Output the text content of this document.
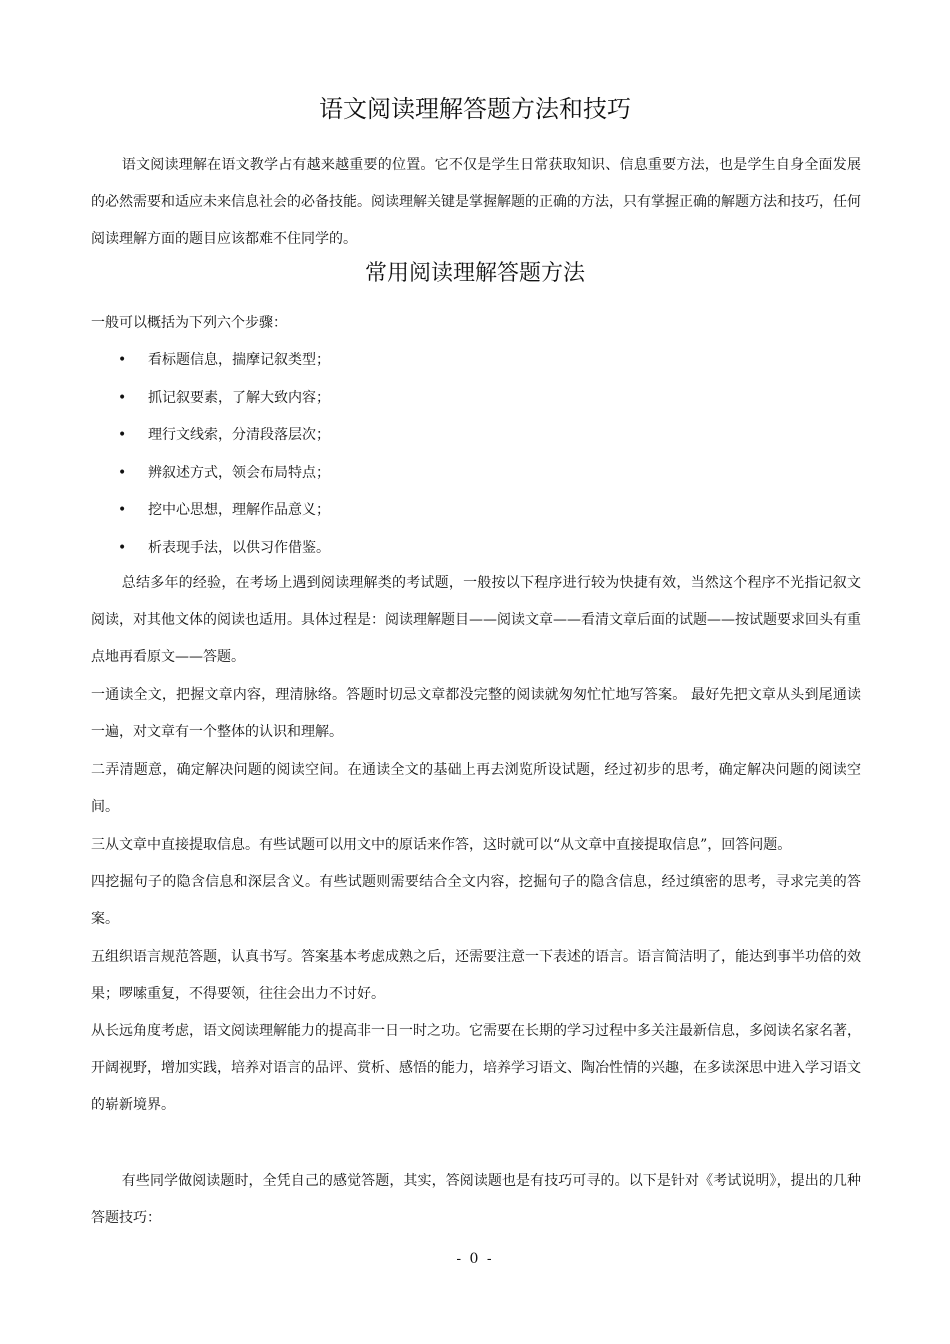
语文阅读理解答题方法和技巧

语文阅读理解在语文教学占有越来越重要的位置。它不仅是学生日常获取知识、信息重要方法，也是学生自身全面发展的必然需要和适应未来信息社会的必备技能。阅读理解关键是掌握解题的正确的方法，只有掌握正确的解题方法和技巧，任何阅读理解方面的题目应该都难不住同学的。

常用阅读理解答题方法

一般可以概括为下列六个步骤：

• 看标题信息，揣摩记叙类型；
• 抓记叙要素，了解大致内容；
• 理行文线索，分清段落层次；
• 辨叙述方式，领会布局特点；
• 挖中心思想，理解作品意义；
• 析表现手法，以供习作借鉴。

总结多年的经验，在考场上遇到阅读理解类的考试题，一般按以下程序进行较为快捷有效，当然这个程序不光指记叙文阅读，对其他文体的阅读也适用。具体过程是：阅读理解题目——阅读文章——看清文章后面的试题——按试题要求回头有重点地再看原文——答题。

一通读全文，把握文章内容，理清脉络。答题时切忌文章都没完整的阅读就匆匆忙忙地写答案。 最好先把文章从头到尾通读一遍，对文章有一个整体的认识和理解。

二弄清题意，确定解决问题的阅读空间。在通读全文的基础上再去浏览所设试题，经过初步的思考，确定解决问题的阅读空间。

三从文章中直接提取信息。有些试题可以用文中的原话来作答，这时就可以“从文章中直接提取信息”，回答问题。

四挖掘句子的隐含信息和深层含义。有些试题则需要结合全文内容，挖掘句子的隐含信息，经过缜密的思考，寻求完美的答案。

五组织语言规范答题，认真书写。答案基本考虑成熟之后，还需要注意一下表述的语言。语言简洁明了，能达到事半功倍的效果；啰嗦重复，不得要领，往往会出力不讨好。

从长远角度考虑，语文阅读理解能力的提高非一日一时之功。它需要在长期的学习过程中多关注最新信息，多阅读名家名著，开阔视野，增加实践，培养对语言的品评、赏析、感悟的能力，培养学习语文、陶冶性情的兴趣，在多读深思中进入学习语文的崭新境界。

有些同学做阅读题时，全凭自己的感觉答题，其实，答阅读题也是有技巧可寻的。以下是针对《考试说明》，提出的几种答题技巧：

- 0 -
